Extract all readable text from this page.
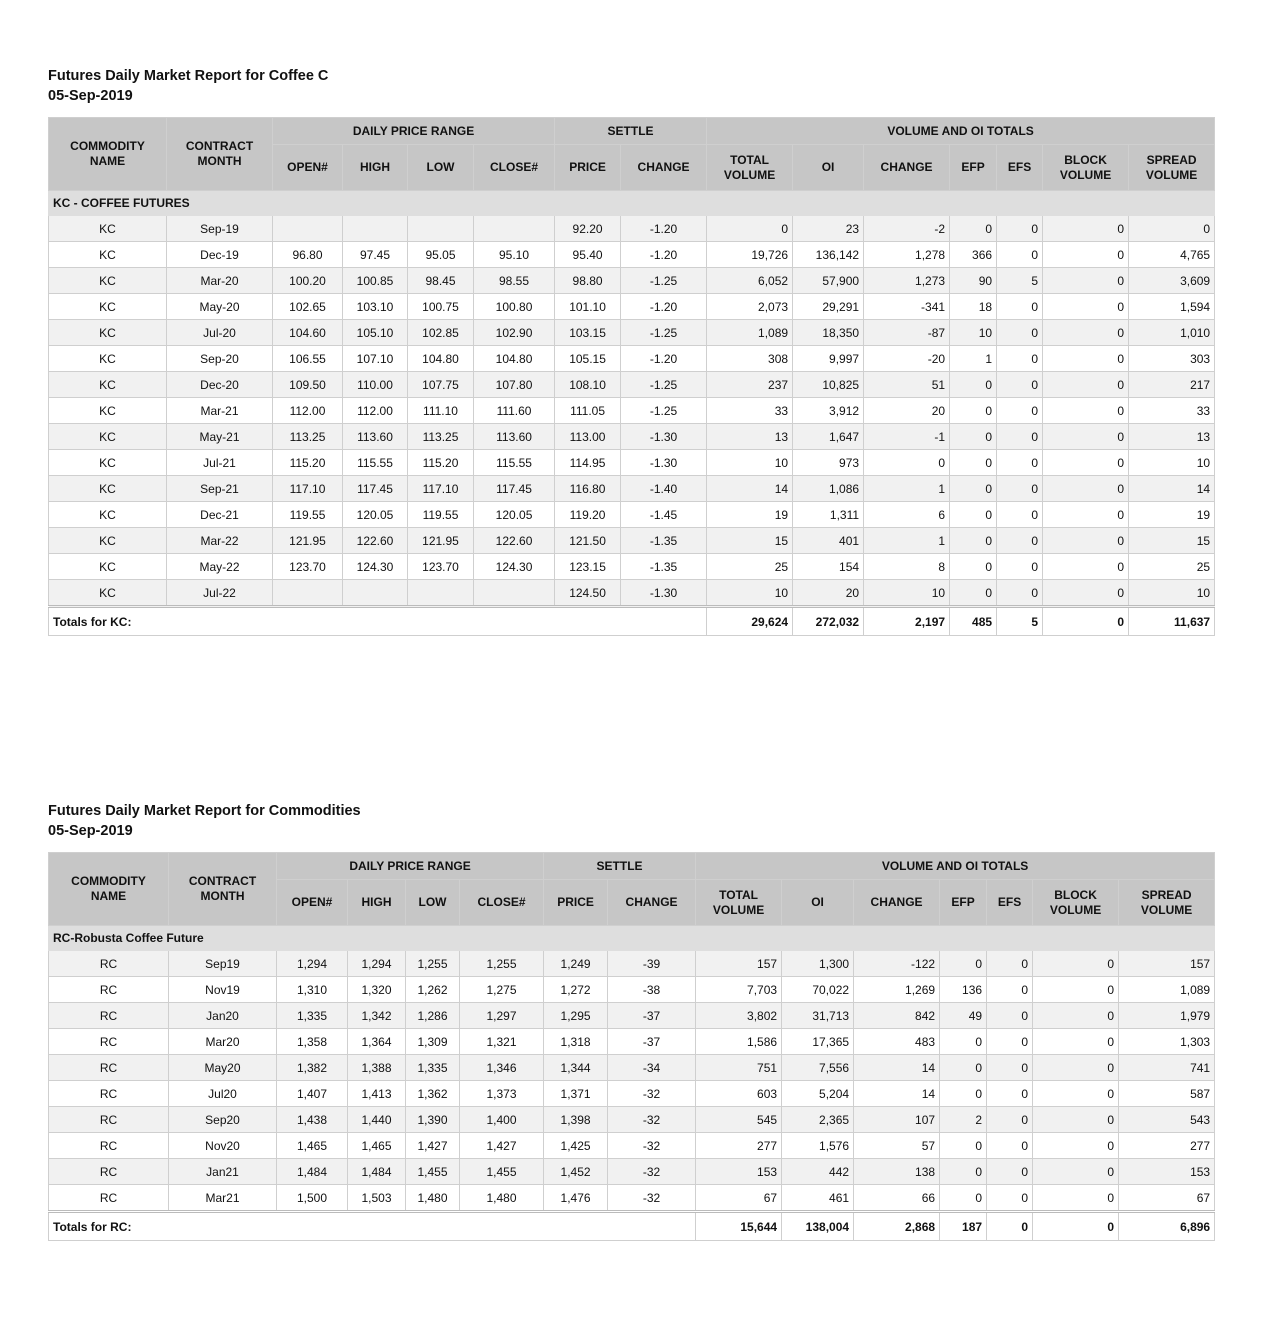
Futures Daily Market Report for Coffee C
05-Sep-2019
COMMODITY NAME	CONTRACT MONTH	DAILY PRICE RANGE				SETTLE		VOLUME AND OI TOTALS						
		OPEN#	HIGH	LOW	CLOSE#	PRICE	CHANGE	TOTAL VOLUME	OI	CHANGE	EFP	EFS	BLOCK VOLUME	SPREAD VOLUME
KC - COFFEE FUTURES														
KC	Sep-19					92.20	-1.20	0	23	-2	0	0	0	0
KC	Dec-19	96.80	97.45	95.05	95.10	95.40	-1.20	19,726	136,142	1,278	366	0	0	4,765
KC	Mar-20	100.20	100.85	98.45	98.55	98.80	-1.25	6,052	57,900	1,273	90	5	0	3,609
KC	May-20	102.65	103.10	100.75	100.80	101.10	-1.20	2,073	29,291	-341	18	0	0	1,594
KC	Jul-20	104.60	105.10	102.85	102.90	103.15	-1.25	1,089	18,350	-87	10	0	0	1,010
KC	Sep-20	106.55	107.10	104.80	104.80	105.15	-1.20	308	9,997	-20	1	0	0	303
KC	Dec-20	109.50	110.00	107.75	107.80	108.10	-1.25	237	10,825	51	0	0	0	217
KC	Mar-21	112.00	112.00	111.10	111.60	111.05	-1.25	33	3,912	20	0	0	0	33
KC	May-21	113.25	113.60	113.25	113.60	113.00	-1.30	13	1,647	-1	0	0	0	13
KC	Jul-21	115.20	115.55	115.20	115.55	114.95	-1.30	10	973	0	0	0	0	10
KC	Sep-21	117.10	117.45	117.10	117.45	116.80	-1.40	14	1,086	1	0	0	0	14
KC	Dec-21	119.55	120.05	119.55	120.05	119.20	-1.45	19	1,311	6	0	0	0	19
KC	Mar-22	121.95	122.60	121.95	122.60	121.50	-1.35	15	401	1	0	0	0	15
KC	May-22	123.70	124.30	123.70	124.30	123.15	-1.35	25	154	8	0	0	0	25
KC	Jul-22					124.50	-1.30	10	20	10	0	0	0	10
Totals for KC:								29,624	272,032	2,197	485	5	0	11,637
Futures Daily Market Report for Commodities
05-Sep-2019
COMMODITY NAME	CONTRACT MONTH	DAILY PRICE RANGE				SETTLE		VOLUME AND OI TOTALS						
		OPEN#	HIGH	LOW	CLOSE#	PRICE	CHANGE	TOTAL VOLUME	OI	CHANGE	EFP	EFS	BLOCK VOLUME	SPREAD VOLUME
RC-Robusta Coffee Future														
RC	Sep19	1,294	1,294	1,255	1,255	1,249	-39	157	1,300	-122	0	0	0	157
RC	Nov19	1,310	1,320	1,262	1,275	1,272	-38	7,703	70,022	1,269	136	0	0	1,089
RC	Jan20	1,335	1,342	1,286	1,297	1,295	-37	3,802	31,713	842	49	0	0	1,979
RC	Mar20	1,358	1,364	1,309	1,321	1,318	-37	1,586	17,365	483	0	0	0	1,303
RC	May20	1,382	1,388	1,335	1,346	1,344	-34	751	7,556	14	0	0	0	741
RC	Jul20	1,407	1,413	1,362	1,373	1,371	-32	603	5,204	14	0	0	0	587
RC	Sep20	1,438	1,440	1,390	1,400	1,398	-32	545	2,365	107	2	0	0	543
RC	Nov20	1,465	1,465	1,427	1,427	1,425	-32	277	1,576	57	0	0	0	277
RC	Jan21	1,484	1,484	1,455	1,455	1,452	-32	153	442	138	0	0	0	153
RC	Mar21	1,500	1,503	1,480	1,480	1,476	-32	67	461	66	0	0	0	67
Totals for RC:								15,644	138,004	2,868	187	0	0	6,896
